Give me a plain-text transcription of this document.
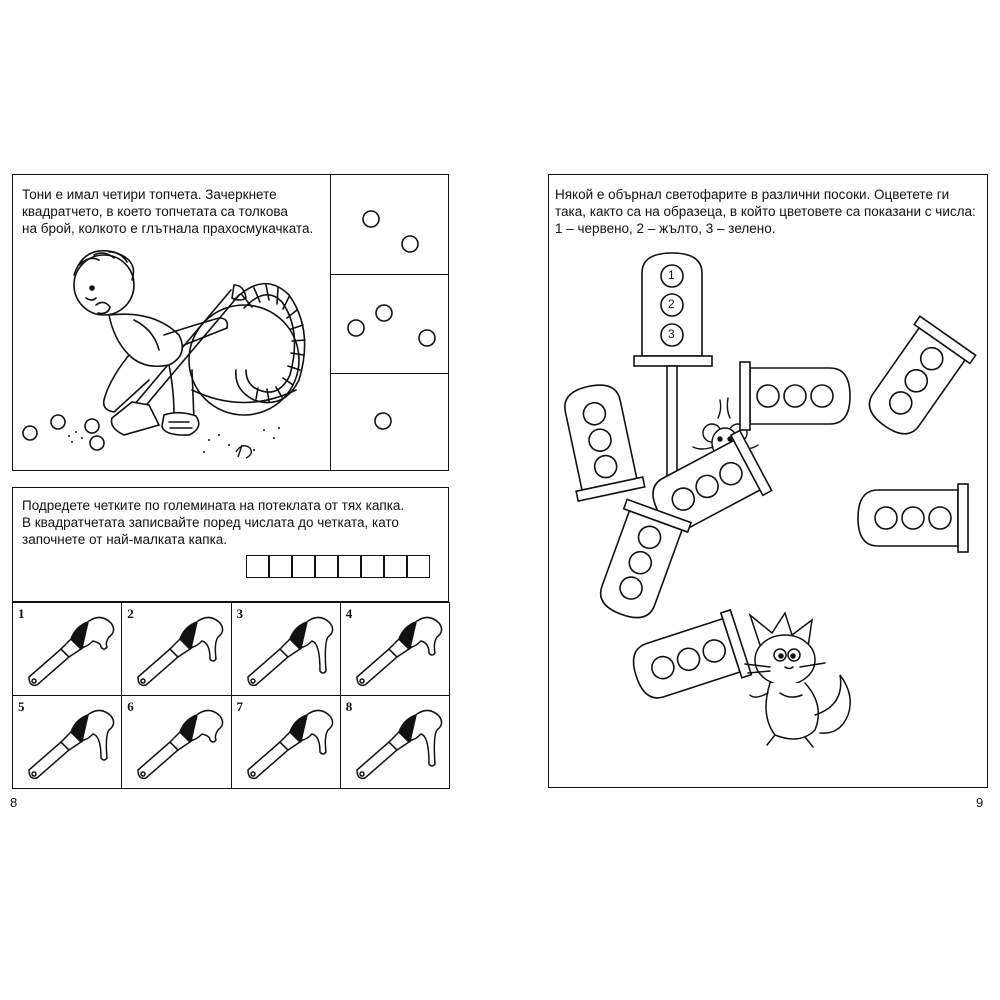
Тони е имал четири топчета. Зачеркнете
квадратчето, в което топчетата са толкова
на брой, колкото е глътнала прахосмукачката.
Подредете четките по големината на потеклата от тях капка.
В квадратчетата записвайте поред числата до четката, като
започнете от най-малката капка.
1	2	3	4
5	6	7	8
8
Някой е обърнал светофарите в различни посоки. Оцветете ги
така, както са на образеца, в който цветовете са показани с числа:
1 – червено, 2 – жълто, 3 – зелено.
1
2
3
9
